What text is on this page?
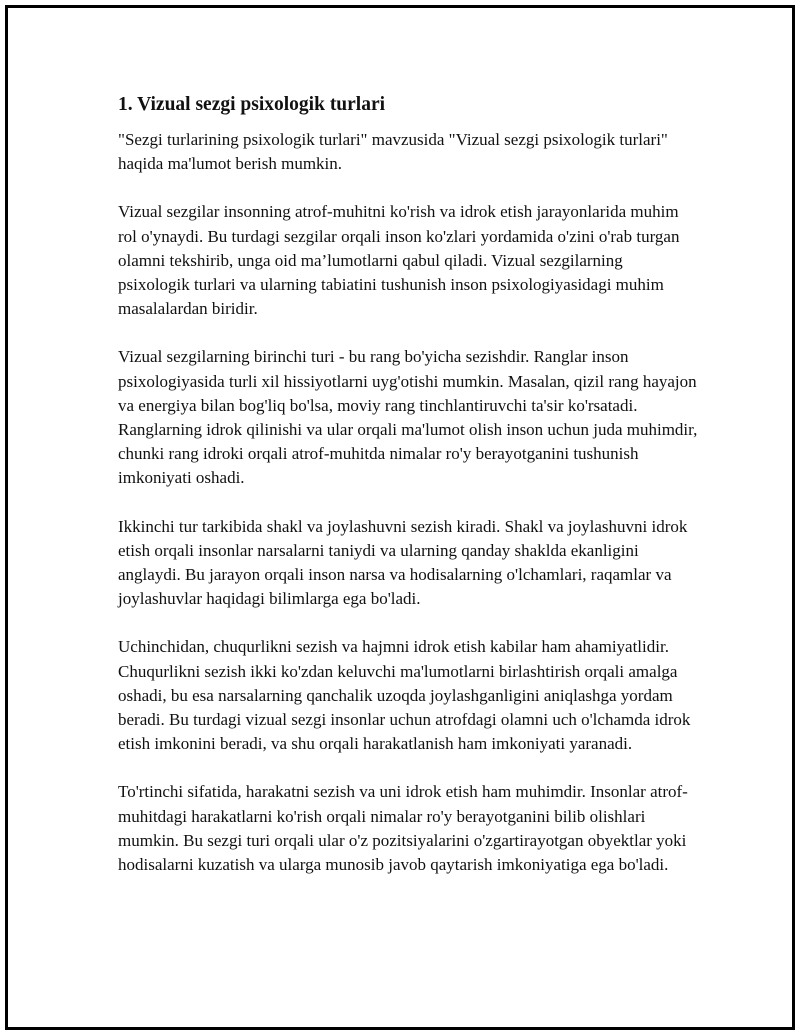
1. Vizual sezgi psixologik turlari

"Sezgi turlarining psixologik turlari" mavzusida "Vizual sezgi psixologik turlari" haqida ma'lumot berish mumkin.

Vizual sezgilar insonning atrof-muhitni ko'rish va idrok etish jarayonlarida muhim rol o'ynaydi. Bu turdagi sezgilar orqali inson ko'zlari yordamida o'zini o'rab turgan olamni tekshirib, unga oid ma’lumotlarni qabul qiladi. Vizual sezgilarning psixologik turlari va ularning tabiatini tushunish inson psixologiyasidagi muhim masalalardan biridir.

Vizual sezgilarning birinchi turi - bu rang bo'yicha sezishdir. Ranglar inson psixologiyasida turli xil hissiyotlarni uyg'otishi mumkin. Masalan, qizil rang hayajon va energiya bilan bog'liq bo'lsa, moviy rang tinchlantiruvchi ta'sir ko'rsatadi. Ranglarning idrok qilinishi va ular orqali ma'lumot olish inson uchun juda muhimdir, chunki rang idroki orqali atrof-muhitda nimalar ro'y berayotganini tushunish imkoniyati oshadi.

Ikkinchi tur tarkibida shakl va joylashuvni sezish kiradi. Shakl va joylashuvni idrok etish orqali insonlar narsalarni taniydi va ularning qanday shaklda ekanligini anglaydi. Bu jarayon orqali inson narsa va hodisalarning o'lchamlari, raqamlar va joylashuvlar haqidagi bilimlarga ega bo'ladi.

Uchinchidan, chuqurlikni sezish va hajmni idrok etish kabilar ham ahamiyatlidir. Chuqurlikni sezish ikki ko'zdan keluvchi ma'lumotlarni birlashtirish orqali amalga oshadi, bu esa narsalarning qanchalik uzoqda joylashganligini aniqlashga yordam beradi. Bu turdagi vizual sezgi insonlar uchun atrofdagi olamni uch o'lchamda idrok etish imkonini beradi, va shu orqali harakatlanish ham imkoniyati yaranadi.

To'rtinchi sifatida, harakatni sezish va uni idrok etish ham muhimdir. Insonlar atrof-muhitdagi harakatlarni ko'rish orqali nimalar ro'y berayotganini bilib olishlari mumkin. Bu sezgi turi orqali ular o'z pozitsiyalarini o'zgartirayotgan obyektlar yoki hodisalarni kuzatish va ularga munosib javob qaytarish imkoniyatiga ega bo'ladi.
